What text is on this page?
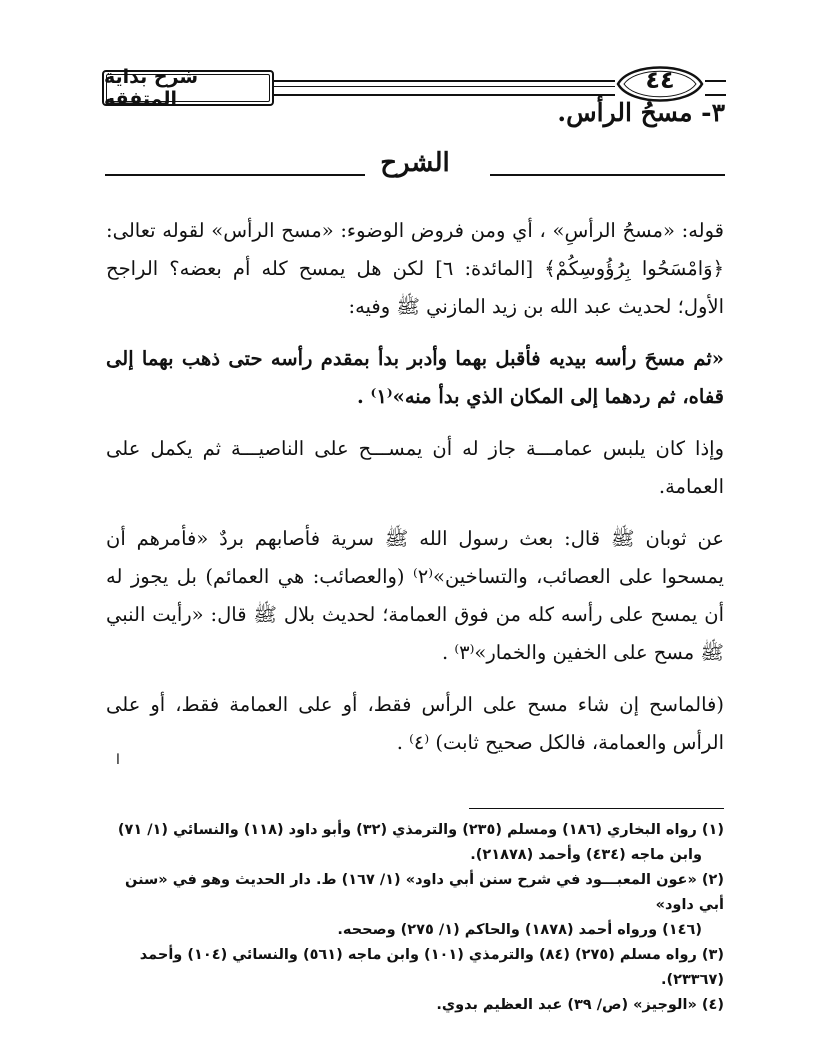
شرح بداية المتفقه
٤٤
٣- مسحُ الرأس.
الشرح

قوله: «مسحُ الرأسِ» ، أي ومن فروض الوضوء: «مسح الرأس» لقوله تعالى: ﴿وَامْسَحُوا بِرُؤُوسِكُمْ﴾ [المائدة: ٦] لكن هل يمسح كله أم بعضه؟ الراجح الأول؛ لحديث عبد الله بن زيد المازني ﷺ وفيه:

«ثم مسحَ رأسه بيديه فأقبل بهما وأدبر بدأ بمقدم رأسه حتى ذهب بهما إلى قفاه، ثم ردهما إلى المكان الذي بدأ منه»⁽١⁾ .

وإذا كان يلبس عمامـــة جاز له أن يمســـح على الناصيـــة ثم يكمل على العمامة.

عن ثوبان ﷺ قال: بعث رسول الله ﷺ سرية فأصابهم بردٌ «فأمرهم أن يمسحوا على العصائب، والتساخين»⁽٢⁾ (والعصائب: هي العمائم) بل يجوز له أن يمسح على رأسه كله من فوق العمامة؛ لحديث بلال ﷺ قال: «رأيت النبي ﷺ مسح على الخفين والخمار»⁽٣⁾ .

(فالماسح إن شاء مسح على الرأس فقط، أو على العمامة فقط، أو على الرأس والعمامة، فالكل صحيح ثابت) ⁽٤⁾ .

ا
(١) رواه البخاري (١٨٦) ومسلم (٢٣٥) والترمذي (٣٢) وأبو داود (١١٨) والنسائي (١/ ٧١)
وابن ماجه (٤٣٤) وأحمد (٢١٨٧٨).
(٢) «عون المعبـــود في شرح سنن أبي داود» (١/ ١٦٧) ط. دار الحديث وهو في «سنن أبي داود»
(١٤٦) ورواه أحمد (١٨٧٨) والحاكم (١/ ٢٧٥) وصححه.
(٣) رواه مسلم (٢٧٥) (٨٤) والترمذي (١٠١) وابن ماجه (٥٦١) والنسائي (١٠٤) وأحمد (٢٣٣٦٧).
(٤) «الوجيز» (ص/ ٣٩) عبد العظيم بدوي.
